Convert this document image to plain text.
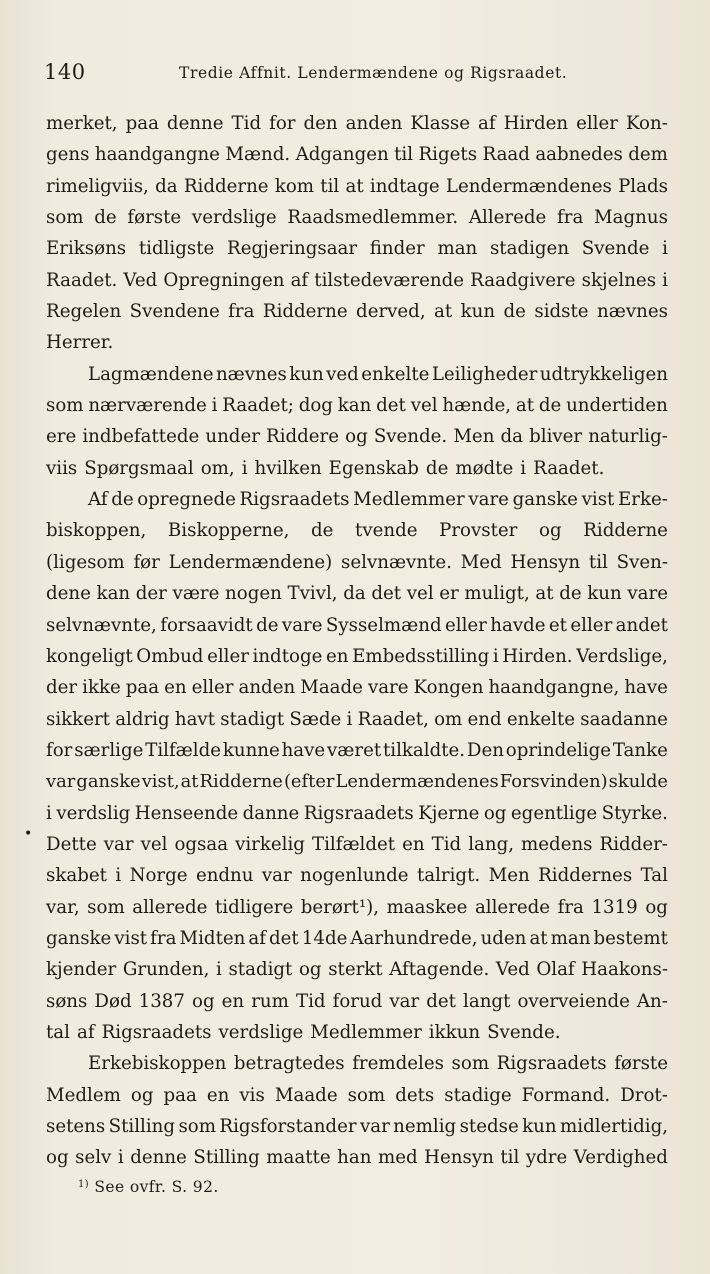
140	Tredie Affnit. Lendermændene og Rigsraadet.
•
merket, paa denne Tid for den anden Klasse af Hirden eller Kon-
gens haandgangne Mænd. Adgangen til Rigets Raad aabnedes dem
rimeligviis, da Ridderne kom til at indtage Lendermændenes Plads
som de første verdslige Raadsmedlemmer. Allerede fra Magnus
Eriksøns tidligste Regjeringsaar finder man stadigen Svende i
Raadet. Ved Opregningen af tilstedeværende Raadgivere skjelnes i
Regelen Svendene fra Ridderne derved, at kun de sidste nævnes
Herrer.
Lagmændene nævnes kun ved enkelte Leiligheder udtrykkeligen
som nærværende i Raadet; dog kan det vel hænde, at de undertiden
ere indbefattede under Riddere og Svende. Men da bliver naturlig-
viis Spørgsmaal om, i hvilken Egenskab de mødte i Raadet.
Af de opregnede Rigsraadets Medlemmer vare ganske vist Erke-
biskoppen, Biskopperne, de tvende Provster og Ridderne
(ligesom før Lendermændene) selvnævnte. Med Hensyn til Sven-
dene kan der være nogen Tvivl, da det vel er muligt, at de kun vare
selvnævnte, forsaavidt de vare Sysselmænd eller havde et eller andet
kongeligt Ombud eller indtoge en Embedsstilling i Hirden. Verdslige,
der ikke paa en eller anden Maade vare Kongen haandgangne, have
sikkert aldrig havt stadigt Sæde i Raadet, om end enkelte saadanne
for særlige Tilfælde kunne have været tilkaldte. Den oprindelige Tanke
var ganske vist, at Ridderne (efter Lendermændenes Forsvinden) skulde
i verdslig Henseende danne Rigsraadets Kjerne og egentlige Styrke.
Dette var vel ogsaa virkelig Tilfældet en Tid lang, medens Ridder-
skabet i Norge endnu var nogenlunde talrigt. Men Riddernes Tal
var, som allerede tidligere berørt¹), maaskee allerede fra 1319 og
ganske vist fra Midten af det 14de Aarhundrede, uden at man bestemt
kjender Grunden, i stadigt og sterkt Aftagende. Ved Olaf Haakons-
søns Død 1387 og en rum Tid forud var det langt overveiende An-
tal af Rigsraadets verdslige Medlemmer ikkun Svende.
Erkebiskoppen betragtedes fremdeles som Rigsraadets første
Medlem og paa en vis Maade som dets stadige Formand. Drot-
setens Stilling som Rigsforstander var nemlig stedse kun midlertidig,
og selv i denne Stilling maatte han med Hensyn til ydre Verdighed
$^{1)}$ See ovfr. S. 92.
